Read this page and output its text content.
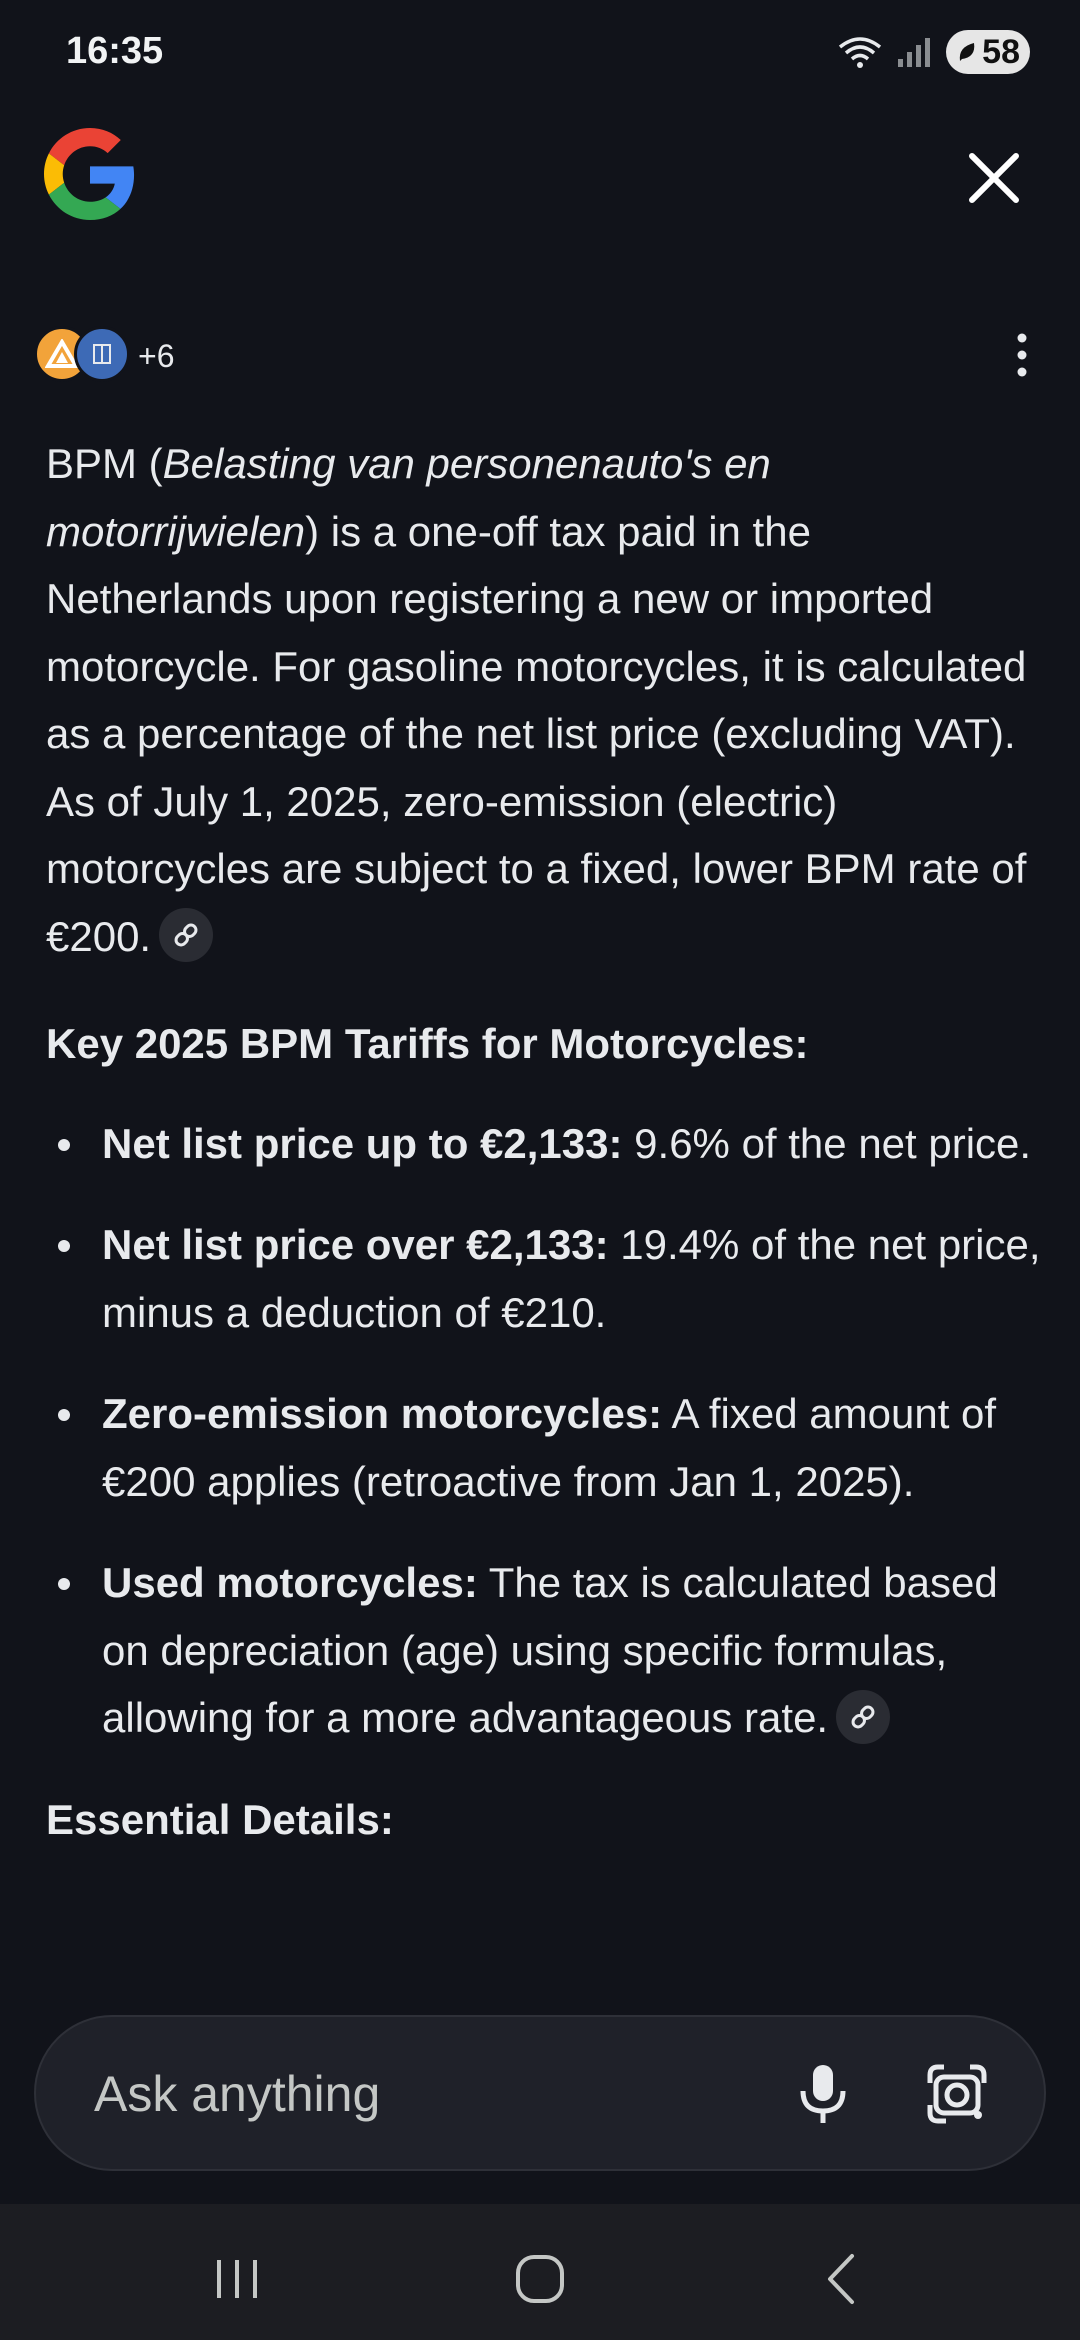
16:35	58
+6

BPM (Belasting van personenauto's en motorrijwielen) is a one-off tax paid in the Netherlands upon registering a new or imported motorcycle. For gasoline motorcycles, it is calculated as a percentage of the net list price (excluding VAT). As of July 1, 2025, zero-emission (electric) motorcycles are subject to a fixed, lower BPM rate of €200.

Key 2025 BPM Tariffs for Motorcycles:

Net list price up to €2,133: 9.6% of the net price.
Net list price over €2,133: 19.4% of the net price, minus a deduction of €210.
Zero-emission motorcycles: A fixed amount of €200 applies (retroactive from Jan 1, 2025).
Used motorcycles: The tax is calculated based on depreciation (age) using specific formulas, allowing for a more advantageous rate.

Essential Details:

Ask anything
